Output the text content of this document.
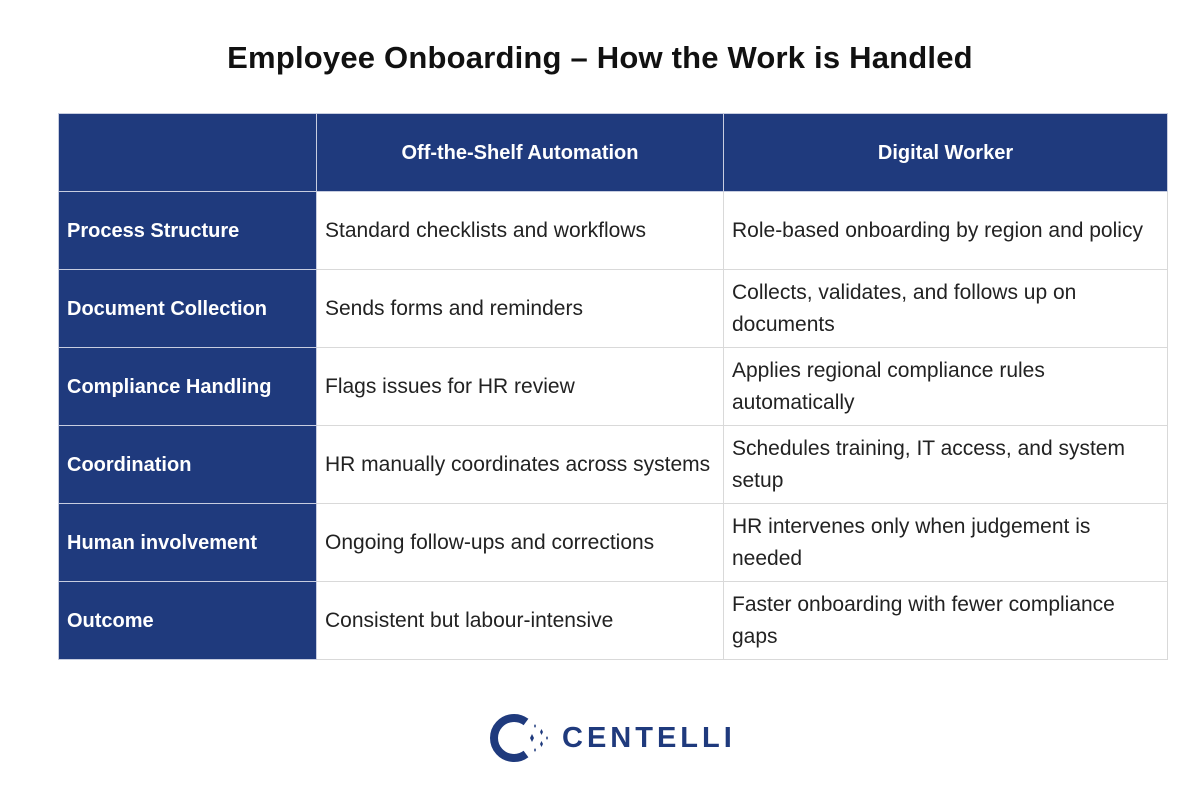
Employee Onboarding – How the Work is Handled
	Off-the-Shelf Automation	Digital Worker
Process Structure	Standard checklists and workflows	Role-based onboarding by region and policy
Document Collection	Sends forms and reminders	Collects, validates, and follows up on documents
Compliance Handling	Flags issues for HR review	Applies regional compliance rules automatically
Coordination	HR manually coordinates across systems	Schedules training, IT access, and system setup
Human involvement	Ongoing follow-ups and corrections	HR intervenes only when judgement is needed
Outcome	Consistent but labour-intensive	Faster onboarding with fewer compliance gaps
CENTELLI
